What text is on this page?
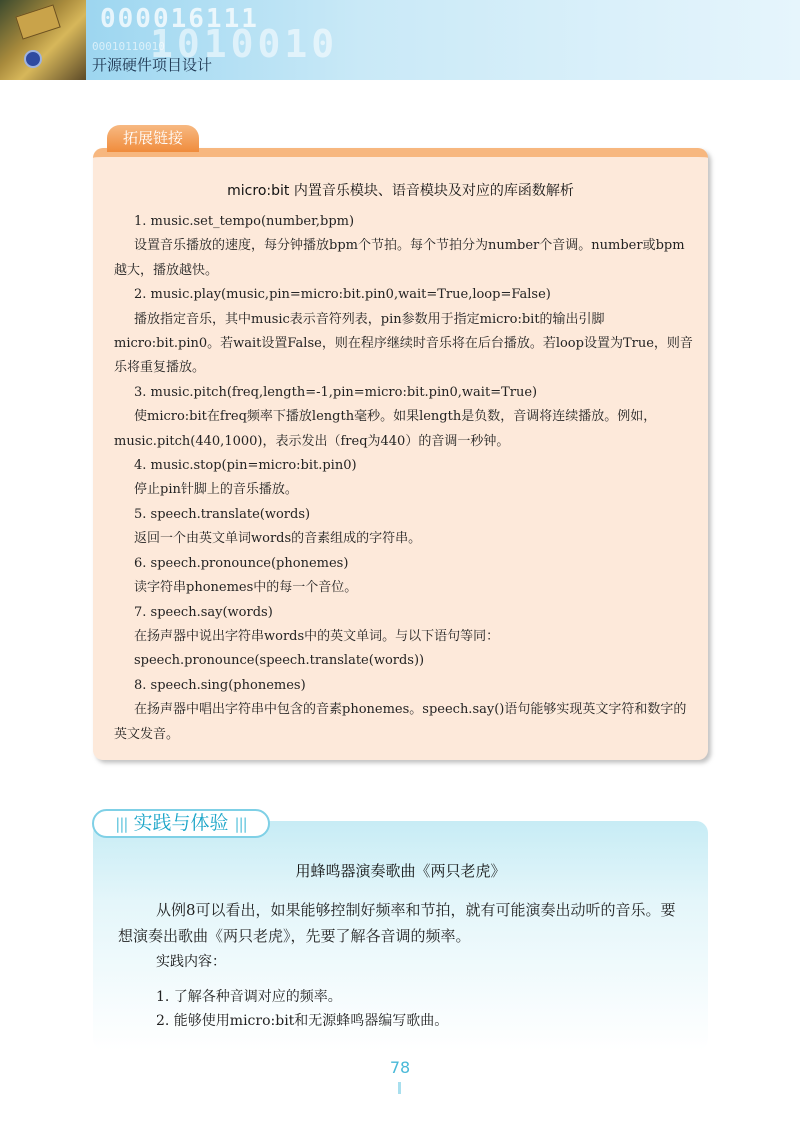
000016111
00010110010
1010010
开源硬件项目设计
拓展链接
micro:bit 内置音乐模块、语音模块及对应的库函数解析

1. music.set_tempo(number,bpm)

设置音乐播放的速度，每分钟播放bpm个节拍。每个节拍分为number个音调。number或bpm越大，播放越快。

2. music.play(music,pin=micro:bit.pin0,wait=True,loop=False)

播放指定音乐，其中music表示音符列表，pin参数用于指定micro:bit的输出引脚micro:bit.pin0。若wait设置False，则在程序继续时音乐将在后台播放。若loop设置为True，则音乐将重复播放。

3. music.pitch(freq,length=-1,pin=micro:bit.pin0,wait=True)

使micro:bit在freq频率下播放length毫秒。如果length是负数，音调将连续播放。例如，music.pitch(440,1000)，表示发出（freq为440）的音调一秒钟。

4. music.stop(pin=micro:bit.pin0)

停止pin针脚上的音乐播放。

5. speech.translate(words)

返回一个由英文单词words的音素组成的字符串。

6. speech.pronounce(phonemes)

读字符串phonemes中的每一个音位。

7. speech.say(words)

在扬声器中说出字符串words中的英文单词。与以下语句等同：

speech.pronounce(speech.translate(words))

8. speech.sing(phonemes)

在扬声器中唱出字符串中包含的音素phonemes。speech.say()语句能够实现英文字符和数字的英文发音。

||| 实践与体验 |||
用蜂鸣器演奏歌曲《两只老虎》
从例8可以看出，如果能够控制好频率和节拍，就有可能演奏出动听的音乐。要想演奏出歌曲《两只老虎》，先要了解各音调的频率。
实践内容：
1. 了解各种音调对应的频率。
2. 能够使用micro:bit和无源蜂鸣器编写歌曲。
78
